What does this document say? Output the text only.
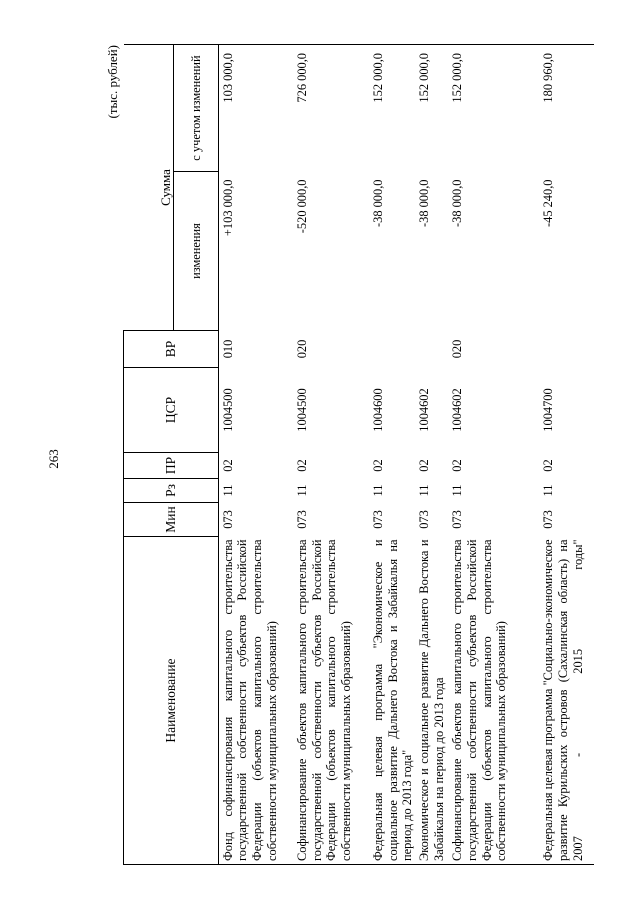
263
(тыс. рублей)
Наименование	Мин	Рз	ПР	ЦСР	ВР		
						Сумма	
						изменения	с учетом изменений
Фонд софинансирования капитального строительства государственной собственности субъектов Российской Федерации (объектов капитального строительства собственности муниципальных образований)	073	11	02	1004500	010	+103 000,0	103 000,0
Софинансирование объектов капитального строительства государственной собственности субъектов Российской Федерации (объектов капитального строительства собственности муниципальных образований)	073	11	02	1004500	020	-520 000,0	726 000,0
Федеральная целевая программа "Экономическое и социальное развитие Дальнего Востока и Забайкалья на период до 2013 года"	073	11	02	1004600		-38 000,0	152 000,0
Экономическое и социальное развитие Дальнего Востока и Забайкалья на период до 2013 года	073	11	02	1004602		-38 000,0	152 000,0
Софинансирование объектов капитального строительства государственной собственности субъектов Российской Федерации (объектов капитального строительства собственности муниципальных образований)	073	11	02	1004602	020	-38 000,0	152 000,0
Федеральная целевая программа "Социально-экономическое развитие Курильских островов (Сахалинская область) на 2007 - 2015 годы"	073	11	02	1004700		-45 240,0	180 960,0
